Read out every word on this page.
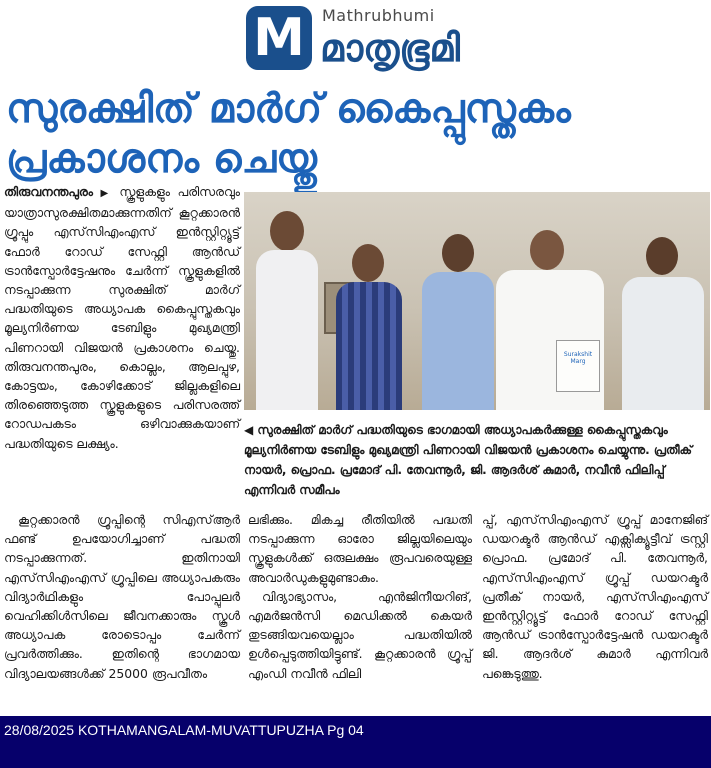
M	Mathrubhumi
മാതൃഭൂമി
സുരക്ഷിത് മാർഗ് കൈപ്പുസ്തകം പ്രകാശനം ചെയ്തു
തിരുവനന്തപുരം ▶ സ്കൂളുകളും പരിസരവും യാത്രാസുരക്ഷിതമാക്കുന്നതിന് കൂറ്റക്കാരൻ ഗ്രൂപ്പും എസ്‌സിഎംഎസ് ഇൻസ്റ്റിറ്റ്യൂട്ട് ഫോർ റോഡ് സേഫ്റ്റി ആൻഡ് ട്രാൻസ്പോർട്ടേഷനും ചേർന്ന് സ്കൂളുകളിൽ നടപ്പാക്കുന്ന സുരക്ഷിത് മാർഗ് പദ്ധതിയുടെ അധ്യാപക കൈപ്പുസ്തകവും മൂല്യനിർണയ ടേബിളും മുഖ്യമന്ത്രി പിണറായി വിജയൻ പ്രകാശനം ചെയ്തു. തിരുവനന്തപുരം, കൊല്ലം, ആലപ്പുഴ, കോട്ടയം, കോഴിക്കോട് ജില്ലകളിലെ തിരഞ്ഞെടുത്ത സ്കൂളുകളുടെ പരിസരത്ത് റോഡപകടം ഒഴിവാക്കുകയാണ് പദ്ധതിയുടെ ലക്ഷ്യം.
Surakshit Marg

◀ സുരക്ഷിത് മാർഗ് പദ്ധതിയുടെ ഭാഗമായി അധ്യാപകർക്കുള്ള കൈപ്പുസ്തകവും മൂല്യനിർണയ ടേബിളും മുഖ്യമന്ത്രി പിണറായി വിജയൻ പ്രകാശനം ചെയ്യുന്നു. പ്രതീക് നായർ, പ്രൊഫ. പ്രമോദ് പി. തേവന്നൂർ, ജി. ആദർശ് കുമാർ, നവീൻ ഫിലിപ്പ് എന്നിവർ സമീപം

കൂറ്റക്കാരൻ ഗ്രൂപ്പിന്റെ സിഎസ്ആർ ഫണ്ട് ഉപയോഗിച്ചാണ് പദ്ധതി നടപ്പാക്കുന്നത്. ഇതിനായി എസ്‌സിഎംഎസ് ഗ്രൂപ്പിലെ അധ്യാപകരും വിദ്യാർഥികളും പോപ്പുലർ വെഹിക്കിൾസിലെ ജീവനക്കാരും സ്കൂൾ അധ്യാപക രോടൊപ്പം ചേർന്ന് പ്രവർത്തിക്കും. ഇതിന്റെ ഭാഗമായ വിദ്യാലയങ്ങൾക്ക് 25000 രൂപവീതം
ലഭിക്കും. മികച്ച രീതിയിൽ പദ്ധതി നടപ്പാക്കുന്ന ഓരോ ജില്ലയിലെയും സ്കൂളുകൾക്ക് ഒരുലക്ഷം രൂപവരെയുള്ള അവാർഡുകളുമുണ്ടാകും.
വിദ്യാഭ്യാസം, എൻജിനീയറിങ്, എമർജൻസി മെഡിക്കൽ കെയർ തുടങ്ങിയവയെല്ലാം പദ്ധതിയിൽ ഉൾപ്പെടുത്തിയിട്ടുണ്ട്. കൂറ്റക്കാരൻ ഗ്രൂപ്പ് എംഡി നവീൻ ഫിലി
പ്പ്, എസ്‌സിഎംഎസ് ഗ്രൂപ്പ് മാനേജിങ് ഡയറക്ടർ ആൻഡ് എക്സിക്യൂട്ടീവ് ട്രസ്റ്റി പ്രൊഫ. പ്രമോദ് പി. തേവന്നൂർ, എസ്‌സിഎംഎസ് ഗ്രൂപ്പ് ഡയറക്ടർ പ്രതീക് നായർ, എസ്‌സിഎംഎസ് ഇൻസ്റ്റിറ്റ്യൂട്ട് ഫോർ റോഡ് സേഫ്റ്റി ആൻഡ് ട്രാൻസ്പോർട്ടേഷൻ ഡയറക്ടർ ജി. ആദർശ് കുമാർ എന്നിവർ പങ്കെടുത്തു.
28/08/2025 KOTHAMANGALAM-MUVATTUPUZHA Pg 04
